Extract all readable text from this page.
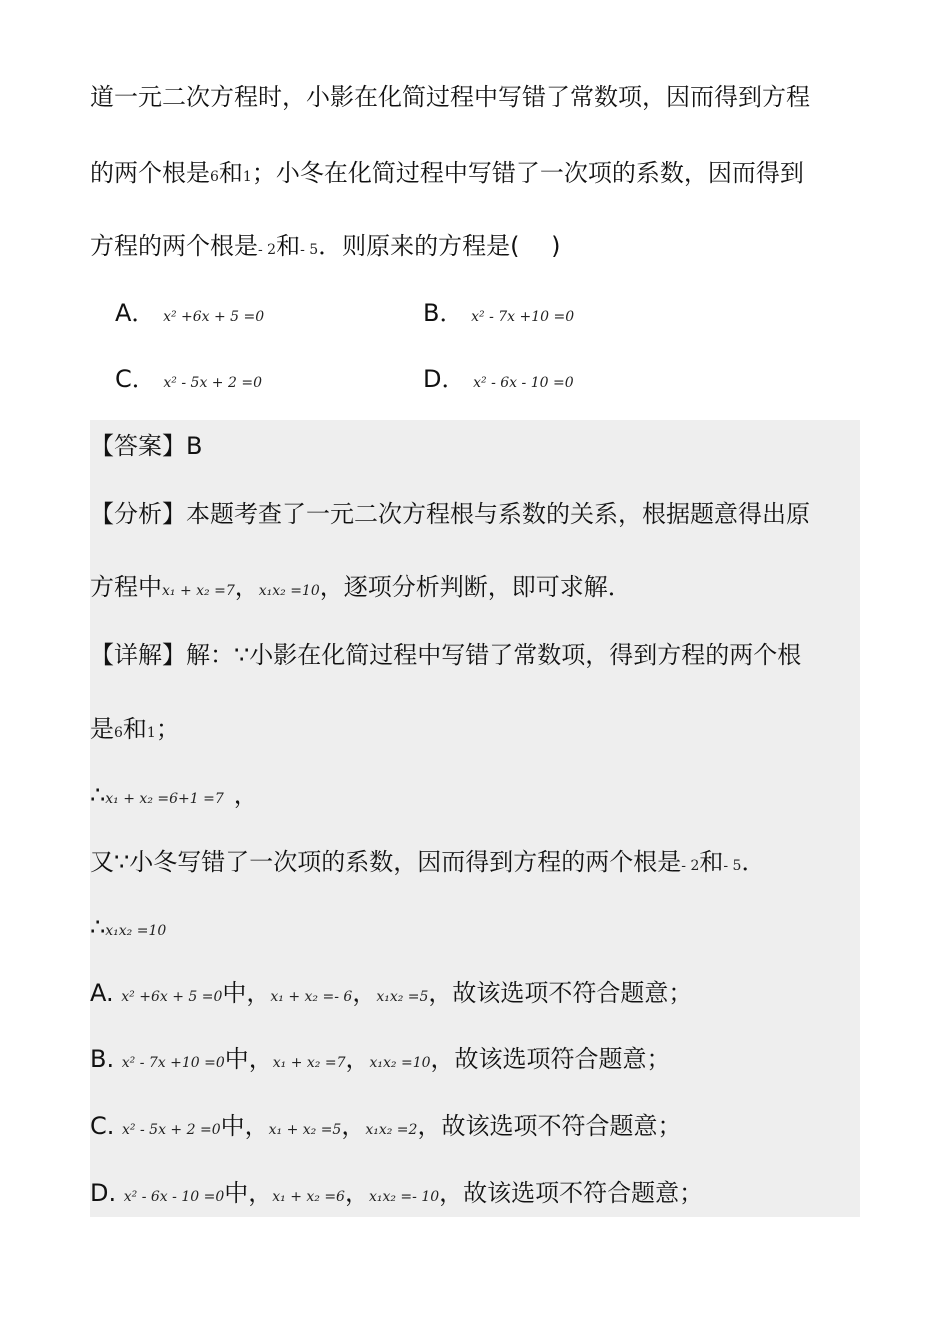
道一元二次方程时，小影在化简过程中写错了常数项，因而得到方程
的两个根是6和1；小冬在化简过程中写错了一次项的系数，因而得到
方程的两个根是- 2和- 5．则原来的方程是(　 )
A． x² +6x + 5 =0	B． x² - 7x +10 =0
C． x² - 5x + 2 =0	D． x² - 6x - 10 =0
【答案】B
【分析】本题考查了一元二次方程根与系数的关系，根据题意得出原
方程中x₁ + x₂ =7，x₁x₂ =10，逐项分析判断，即可求解．
【详解】解：∵小影在化简过程中写错了常数项，得到方程的两个根
是6和1；
∴x₁ + x₂ =6+1 =7 ，
又∵小冬写错了一次项的系数，因而得到方程的两个根是- 2和- 5．
∴x₁x₂ =10
A. x² +6x + 5 =0中，x₁ + x₂ =- 6，x₁x₂ =5，故该选项不符合题意；
B. x² - 7x +10 =0中，x₁ + x₂ =7，x₁x₂ =10，故该选项符合题意；
C. x² - 5x + 2 =0中，x₁ + x₂ =5，x₁x₂ =2，故该选项不符合题意；
D. x² - 6x - 10 =0中，x₁ + x₂ =6，x₁x₂ =- 10，故该选项不符合题意；
